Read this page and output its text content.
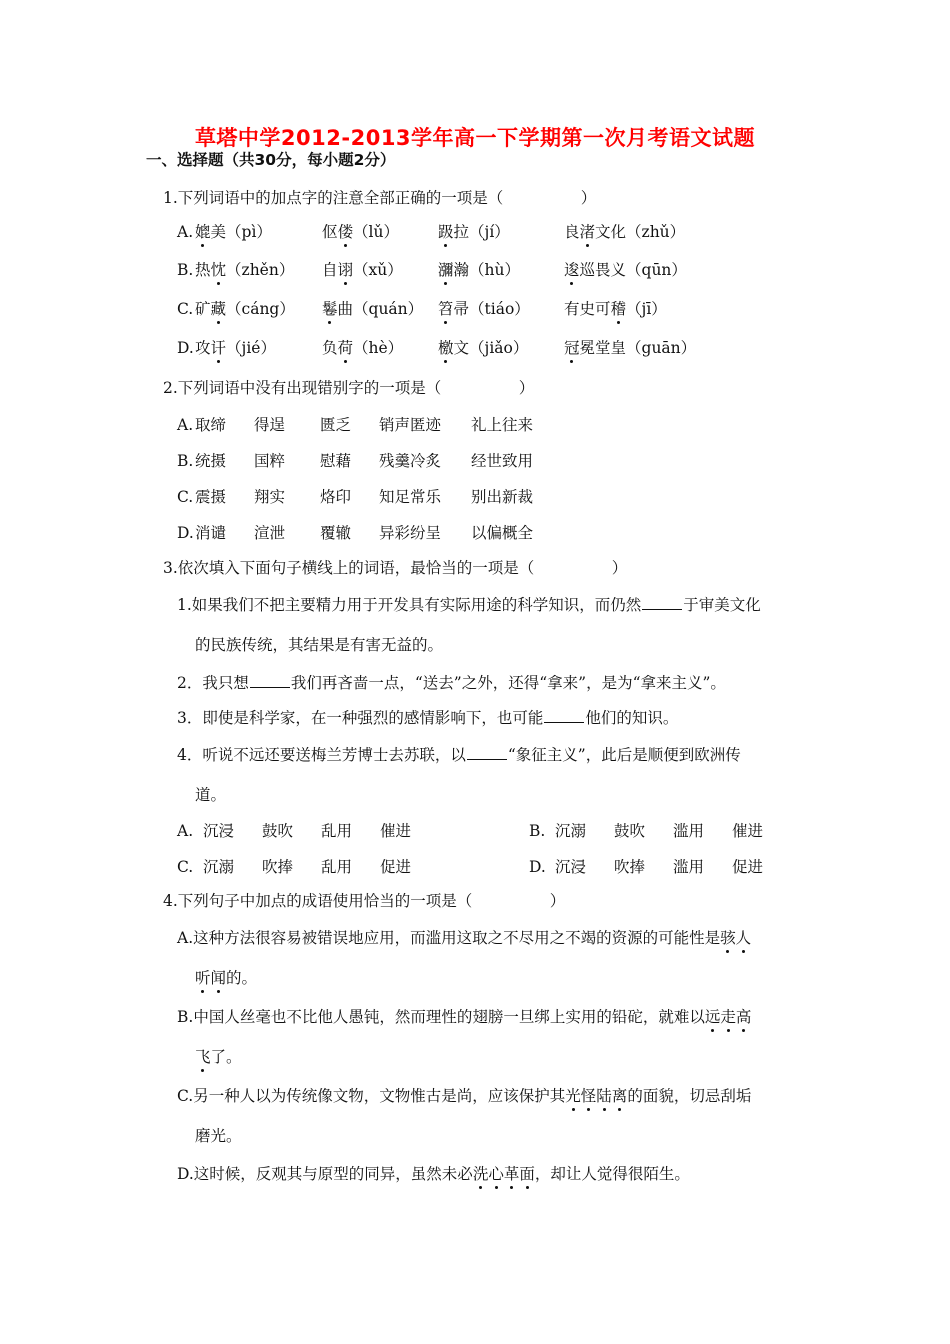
草塔中学2012-2013学年高一下学期第一次月考语文试题
一、选择题（共30分，每小题2分）
1.下列词语中的加点字的注意全部正确的一项是（　　　　　）
A. 媲美（pì）	伛偻（lǔ）	趿拉（jí）	良渚文化（zhǔ）
B. 热忱（zhěn） 自诩（xǔ） 瀰瀚（hù）	逡巡畏义（qūn）
C. 矿藏（cáng） 鬈曲（quán） 笤帚（tiáo） 有史可稽（jī）
D. 攻讦（jié）	负荷（hè） 檄文（jiǎo） 冠冕堂皇（guān）
2.下列词语中没有出现错别字的一项是（　　　　　）
A. 取缔 得逞 匮乏 销声匿迹 礼上往来
B. 统摄 国粹 慰藉 残羹冷炙 经世致用
C. 震摄 翔实 烙印 知足常乐 别出新裁
D. 消谴 渲泄 覆辙 异彩纷呈 以偏概全
3.依次填入下面句子横线上的词语，最恰当的一项是（　　　　　）
1.如果我们不把主要精力用于开发具有实际用途的科学知识，而仍然	于审美文化
的民族传统，其结果是有害无益的。
2．我只想	我们再吝啬一点，“送去”之外，还得“拿来”，是为“拿来主义”。
3．即使是科学家，在一种强烈的感情影响下，也可能	他们的知识。
4．听说不远还要送梅兰芳博士去苏联，以	“象征主义”，此后是顺便到欧洲传
道。
A. 沉浸 鼓吹 乱用 催进	B. 沉溺 鼓吹 滥用 催进
C. 沉溺 吹捧 乱用 促进	D. 沉浸 吹捧 滥用 促进
4.下列句子中加点的成语使用恰当的一项是（　　　　　）
A.这种方法很容易被错误地应用，而滥用这取之不尽用之不竭的资源的可能性是骇人
听闻的。
B.中国人丝毫也不比他人愚钝，然而理性的翅膀一旦绑上实用的铅砣，就难以远走高
飞了。
C.另一种人以为传统像文物，文物惟古是尚，应该保护其光怪陆离的面貌，切忌刮垢
磨光。
D.这时候，反观其与原型的同异，虽然未必洗心革面，却让人觉得很陌生。
